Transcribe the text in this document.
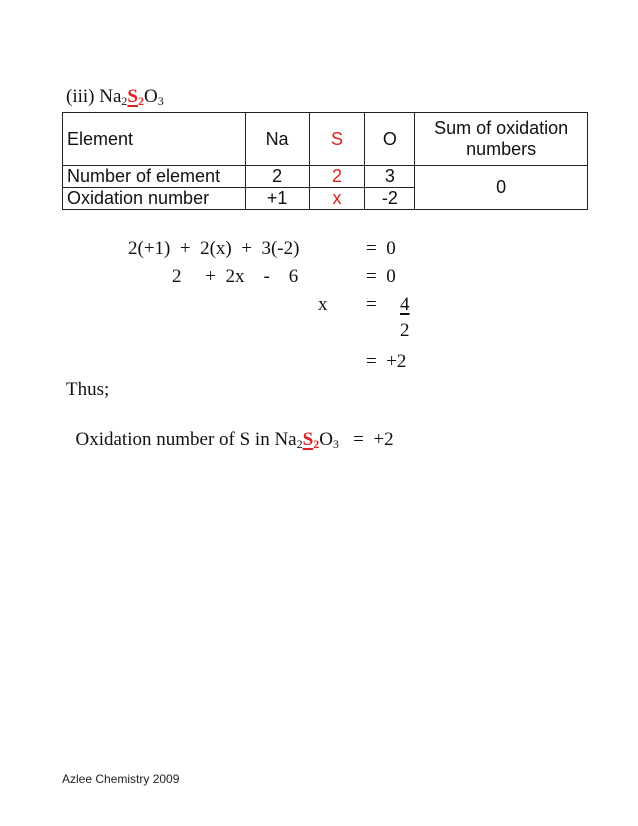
(iii) $Na_2S_2O_3$
Element	Na	S	O	Sum of oxidation
numbers

Number of element	2	2	3	0
Oxidation number	+1	x	-2	
2(+1)  +  2(x)  +  3(-2)	=  0
2     +  2x    -    6	=  0
x = 4
2
=  +2
Thus;

Oxidation number of S in $Na_2S_2O_3 = +2$

Azlee Chemistry 2009
